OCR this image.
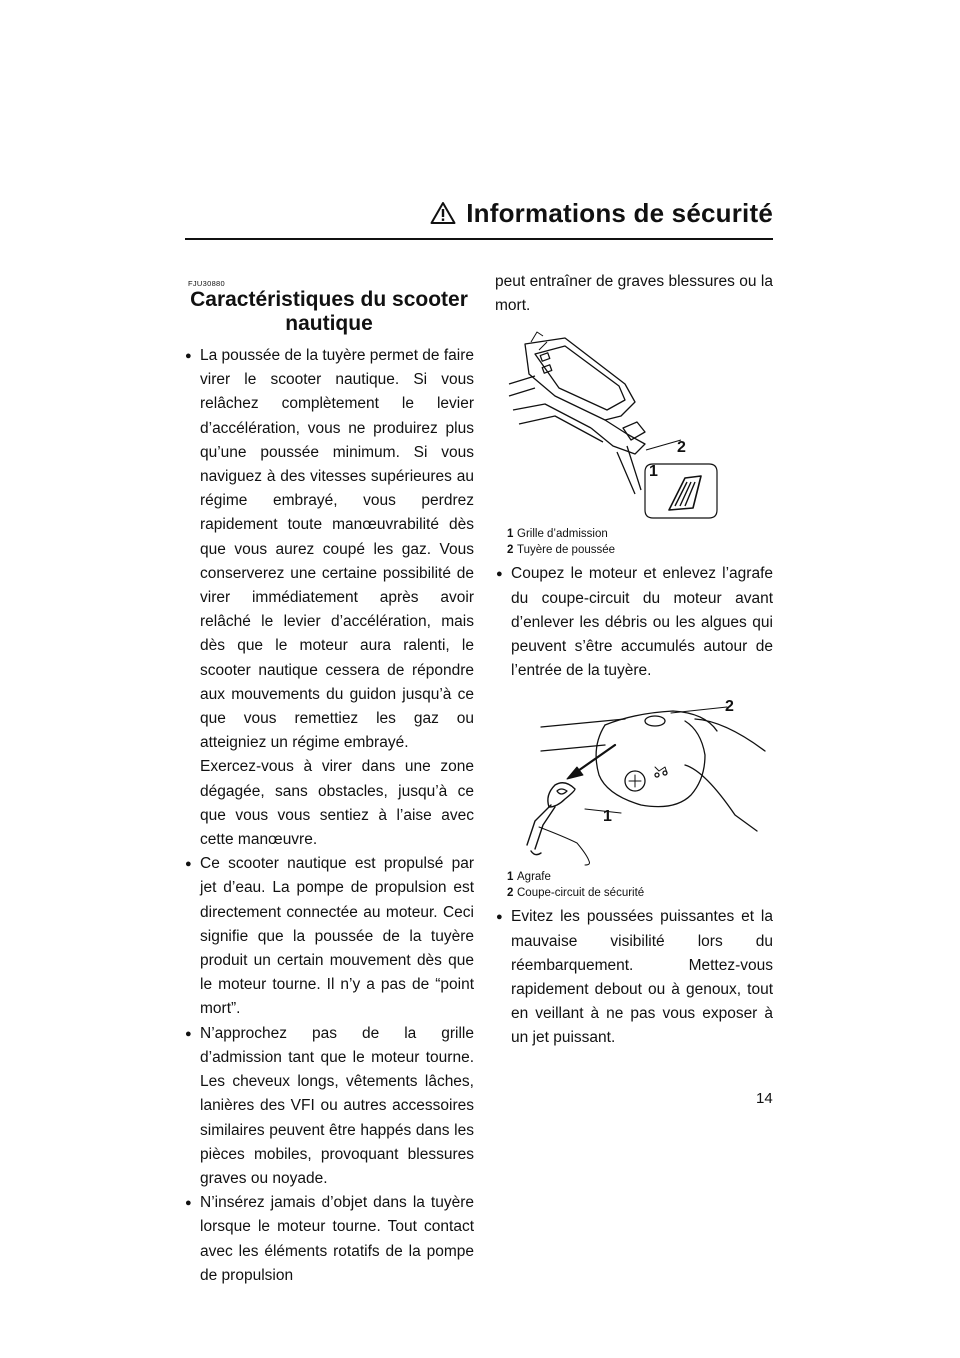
Informations de sécurité
FJU30880
Caractéristiques du scooter
nautique

● La poussée de la tuyère permet de faire virer le scooter nautique. Si vous relâchez complètement le levier d’accélération, vous ne produirez plus qu’une poussée minimum. Si vous naviguez à des vitesses supérieures au régime embrayé, vous perdrez rapidement toute manœuvrabilité dès que vous aurez coupé les gaz. Vous conserverez une certaine possibilité de virer immédiatement après avoir relâché le levier d’accélération, mais dès que le moteur aura ralenti, le scooter nautique cessera de répondre aux mouvements du guidon jusqu’à ce que vous remettiez les gaz ou atteigniez un régime embrayé.

Exercez-vous à virer dans une zone dégagée, sans obstacles, jusqu’à ce que vous vous sentiez à l’aise avec cette manœuvre.

● Ce scooter nautique est propulsé par jet d’eau. La pompe de propulsion est directement connectée au moteur. Ceci signifie que la poussée de la tuyère produit un certain mouvement dès que le moteur tourne. Il n’y a pas de “point mort”.

● N’approchez pas de la grille d’admission tant que le moteur tourne. Les cheveux longs, vêtements lâches, lanières des VFI ou autres accessoires similaires peuvent être happés dans les pièces mobiles, provoquant blessures graves ou noyade.

● N’insérez jamais d’objet dans la tuyère lorsque le moteur tourne. Tout contact avec les éléments rotatifs de la pompe de propulsion

peut entraîner de graves blessures ou la mort.

2
1
1 Grille d’admission
2 Tuyère de poussée

● Coupez le moteur et enlevez l’agrafe du coupe-circuit du moteur avant d’enlever les débris ou les algues qui peuvent s’être accumulés autour de l’entrée de la tuyère.

2
1
1 Agrafe
2 Coupe-circuit de sécurité

● Evitez les poussées puissantes et la mauvaise visibilité lors du réembarquement. Mettez-vous rapidement debout ou à genoux, tout en veillant à ne pas vous exposer à un jet puissant.

14
